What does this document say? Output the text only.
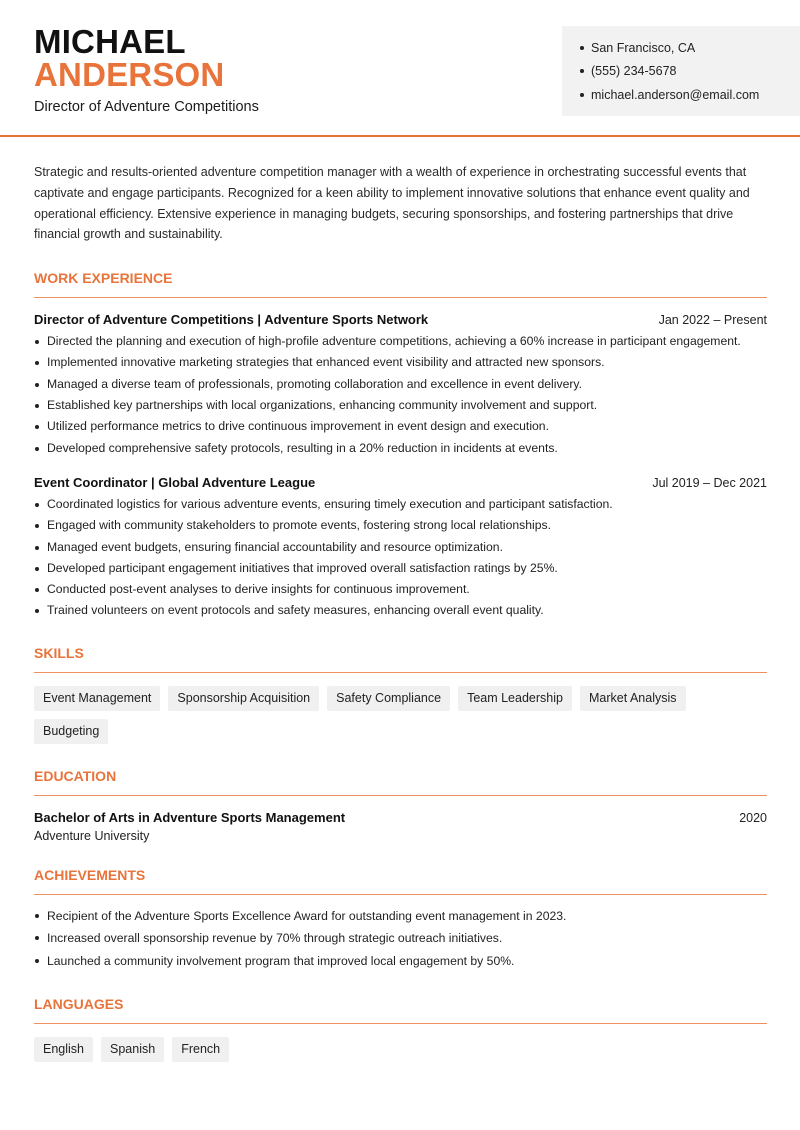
MICHAEL
ANDERSON
Director of Adventure Competitions
San Francisco, CA
(555) 234-5678
michael.anderson@email.com

Strategic and results-oriented adventure competition manager with a wealth of experience in orchestrating successful events that captivate and engage participants. Recognized for a keen ability to implement innovative solutions that enhance event quality and operational efficiency. Extensive experience in managing budgets, securing sponsorships, and fostering partnerships that drive financial growth and sustainability.

WORK EXPERIENCE
Director of Adventure Competitions | Adventure Sports Network	Jan 2022 – Present
Directed the planning and execution of high-profile adventure competitions, achieving a 60% increase in participant engagement.
Implemented innovative marketing strategies that enhanced event visibility and attracted new sponsors.
Managed a diverse team of professionals, promoting collaboration and excellence in event delivery.
Established key partnerships with local organizations, enhancing community involvement and support.
Utilized performance metrics to drive continuous improvement in event design and execution.
Developed comprehensive safety protocols, resulting in a 20% reduction in incidents at events.
Event Coordinator | Global Adventure League	Jul 2019 – Dec 2021
Coordinated logistics for various adventure events, ensuring timely execution and participant satisfaction.
Engaged with community stakeholders to promote events, fostering strong local relationships.
Managed event budgets, ensuring financial accountability and resource optimization.
Developed participant engagement initiatives that improved overall satisfaction ratings by 25%.
Conducted post-event analyses to derive insights for continuous improvement.
Trained volunteers on event protocols and safety measures, enhancing overall event quality.
SKILLS
Event Management	Sponsorship Acquisition	Safety Compliance	Team Leadership	Market Analysis
Budgeting
EDUCATION
Bachelor of Arts in Adventure Sports Management	2020
Adventure University
ACHIEVEMENTS
Recipient of the Adventure Sports Excellence Award for outstanding event management in 2023.
Increased overall sponsorship revenue by 70% through strategic outreach initiatives.
Launched a community involvement program that improved local engagement by 50%.
LANGUAGES
English	Spanish	French
